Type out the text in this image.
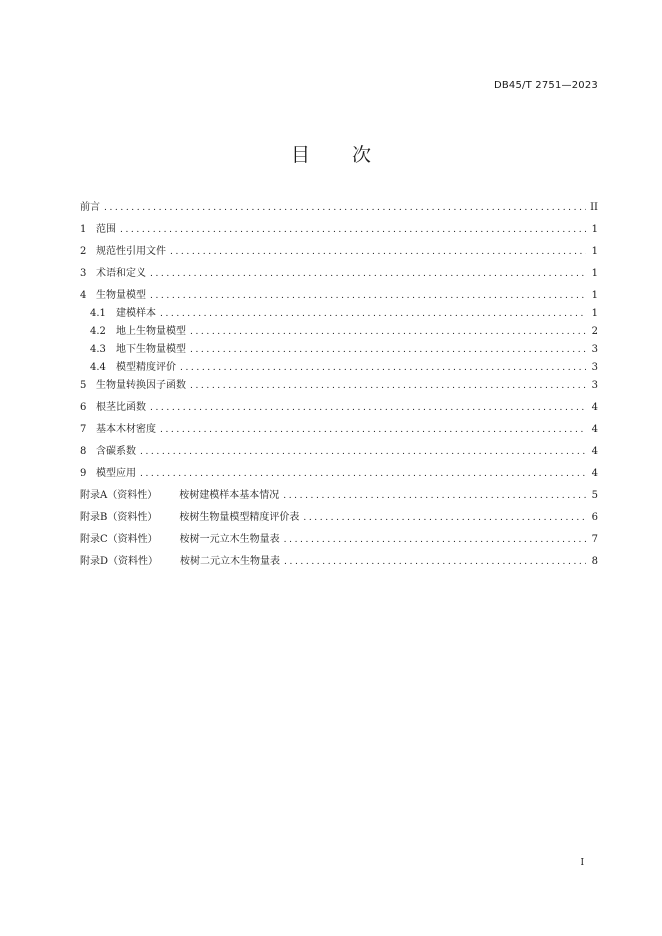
DB45/T 2751—2023
目 次
前言 .....	II
1 范围 .....	1
2 规范性引用文件 .....	1
3 术语和定义 .....	1
4 生物量模型 .....	1
4.1 建模样本 .....	1
4.2 地上生物量模型 .....	2
4.3 地下生物量模型 .....	3
4.4 模型精度评价 .....	3
5 生物量转换因子函数 .....	3
6 根茎比函数 .....	4
7 基本木材密度 .....	4
8 含碳系数 .....	4
9 模型应用 .....	4
附录A（资料性） 桉树建模样本基本情况 .....	5
附录B（资料性） 桉树生物量模型精度评价表 .....	6
附录C（资料性） 桉树一元立木生物量表 .....	7
附录D（资料性） 桉树二元立木生物量表 .....	8
I
